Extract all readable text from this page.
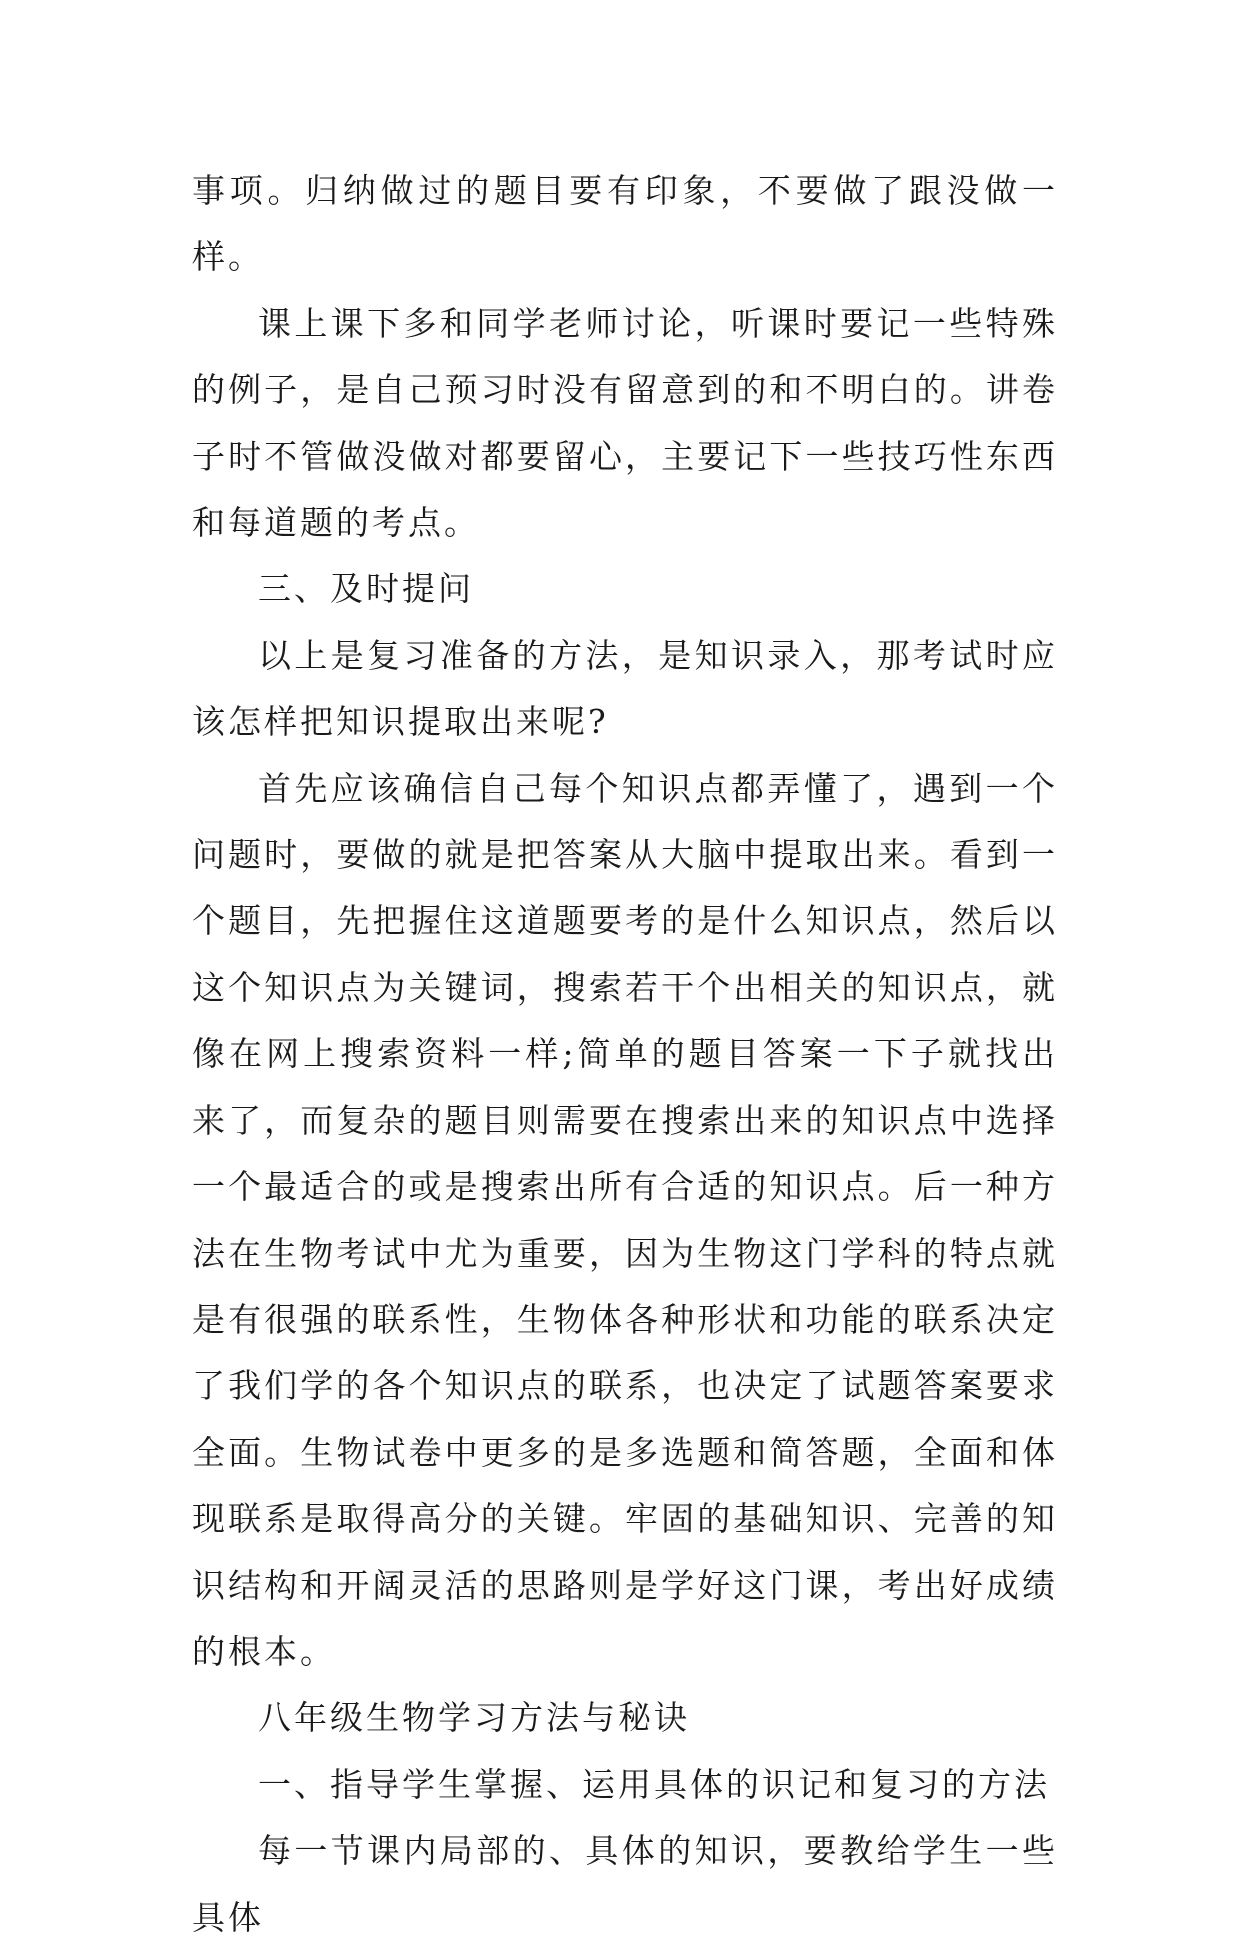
事项。归纳做过的题目要有印象，不要做了跟没做一样。

课上课下多和同学老师讨论，听课时要记一些特殊的例子，是自己预习时没有留意到的和不明白的。讲卷子时不管做没做对都要留心，主要记下一些技巧性东西和每道题的考点。

三、及时提问

以上是复习准备的方法，是知识录入，那考试时应该怎样把知识提取出来呢?

首先应该确信自己每个知识点都弄懂了，遇到一个问题时，要做的就是把答案从大脑中提取出来。看到一个题目，先把握住这道题要考的是什么知识点，然后以这个知识点为关键词，搜索若干个出相关的知识点，就像在网上搜索资料一样;简单的题目答案一下子就找出来了，而复杂的题目则需要在搜索出来的知识点中选择一个最适合的或是搜索出所有合适的知识点。后一种方法在生物考试中尤为重要，因为生物这门学科的特点就是有很强的联系性，生物体各种形状和功能的联系决定了我们学的各个知识点的联系，也决定了试题答案要求全面。生物试卷中更多的是多选题和简答题，全面和体现联系是取得高分的关键。牢固的基础知识、完善的知识结构和开阔灵活的思路则是学好这门课，考出好成绩的根本。

八年级生物学习方法与秘诀

一、指导学生掌握、运用具体的识记和复习的方法

每一节课内局部的、具体的知识，要教给学生一些具体
